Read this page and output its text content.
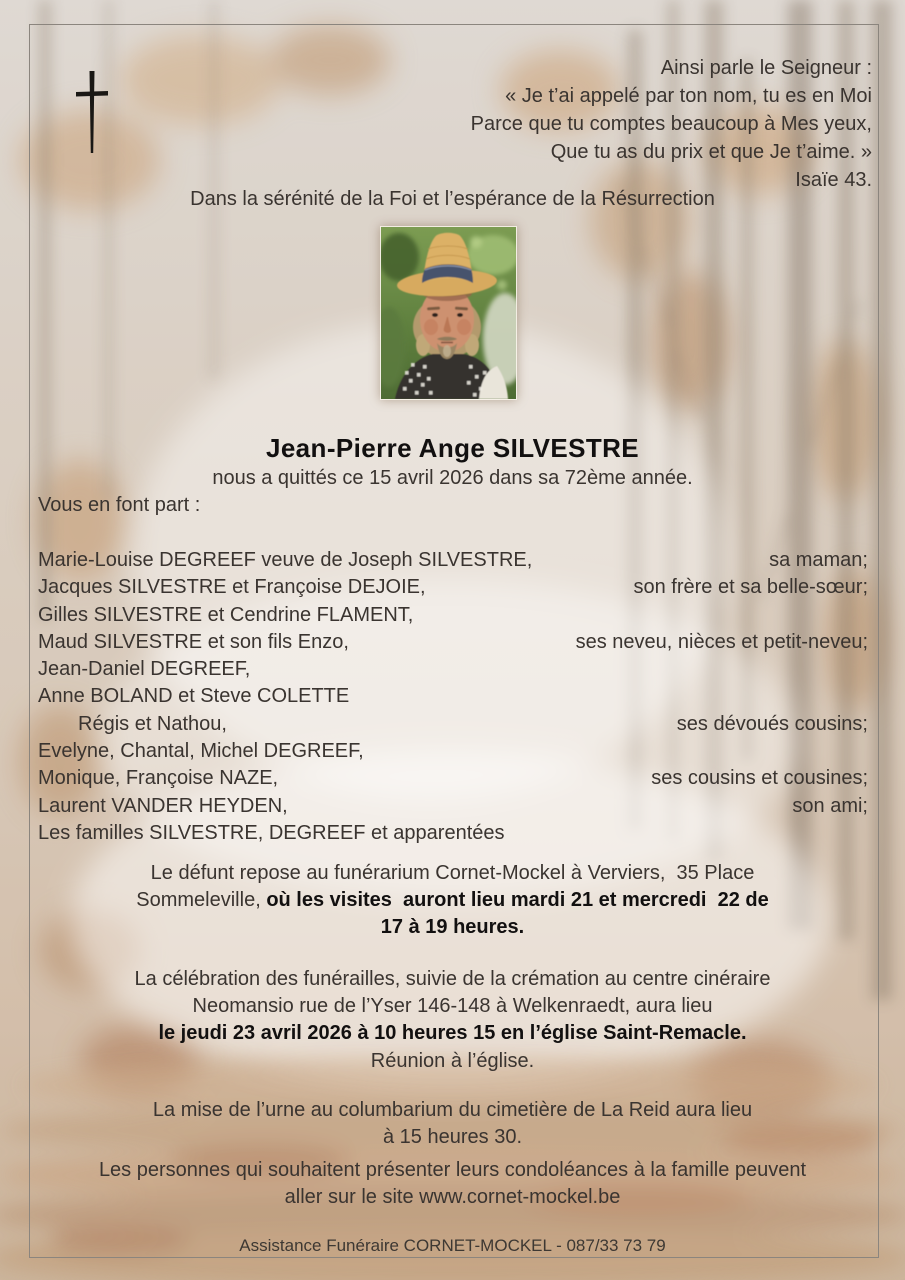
Ainsi parle le Seigneur :
« Je t’ai appelé par ton nom, tu es en Moi
Parce que tu comptes beaucoup à Mes yeux,
Que tu as du prix et que Je t’aime. »
Isaïe 43.
Dans la sérénité de la Foi et l’espérance de la Résurrection
Jean-Pierre Ange SILVESTRE
nous a quittés ce 15 avril 2026 dans sa 72ème année.
Vous en font part :
Marie-Louise DEGREEF veuve de Joseph SILVESTRE,	sa maman;
Jacques SILVESTRE et Françoise DEJOIE,	son frère et sa belle-sœur;
Gilles SILVESTRE et Cendrine FLAMENT,
Maud SILVESTRE et son fils Enzo,	ses neveu, nièces et petit-neveu;
Jean-Daniel DEGREEF,
Anne BOLAND et Steve COLETTE
Régis et Nathou,	ses dévoués cousins;
Evelyne, Chantal, Michel DEGREEF,
Monique, Françoise NAZE,	ses cousins et cousines;
Laurent VANDER HEYDEN,	son ami;
Les familles SILVESTRE, DEGREEF et apparentées
Le défunt repose au funérarium Cornet-Mockel à Verviers,  35 Place
Sommeleville, où les visites  auront lieu mardi 21 et mercredi  22 de
17 à 19 heures.
La célébration des funérailles, suivie de la crémation au centre cinéraire
Neomansio rue de l’Yser 146-148 à Welkenraedt, aura lieu
le jeudi 23 avril 2026 à 10 heures 15 en l’église Saint-Remacle.
Réunion à l’église.
La mise de l’urne au columbarium du cimetière de La Reid aura lieu
à 15 heures 30.
Les personnes qui souhaitent présenter leurs condoléances à la famille peuvent
aller sur le site www.cornet-mockel.be
Assistance Funéraire CORNET-MOCKEL - 087/33 73 79
